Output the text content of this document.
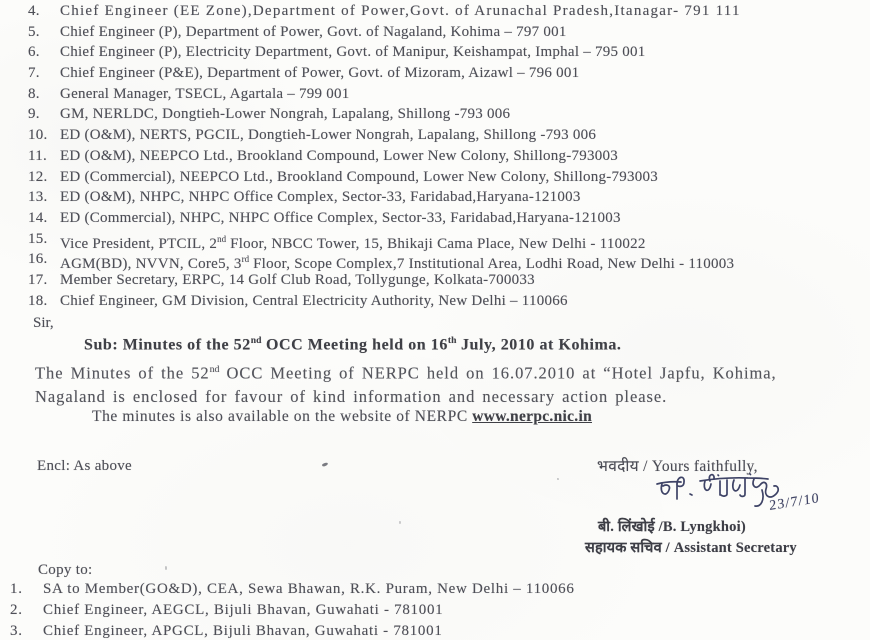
4. Chief Engineer (EE Zone),Department of Power,Govt. of Arunachal Pradesh,Itanagar- 791 111
5. Chief Engineer (P), Department of Power, Govt. of Nagaland, Kohima – 797 001
6. Chief Engineer (P), Electricity Department, Govt. of Manipur, Keishampat, Imphal – 795 001
7. Chief Engineer (P&E), Department of Power, Govt. of Mizoram, Aizawl – 796 001
8. General Manager, TSECL, Agartala – 799 001
9. GM, NERLDC, Dongtieh-Lower Nongrah, Lapalang, Shillong -793 006
10. ED (O&M), NERTS, PGCIL, Dongtieh-Lower Nongrah, Lapalang, Shillong -793 006
11. ED (O&M), NEEPCO Ltd., Brookland Compound, Lower New Colony, Shillong-793003
12. ED (Commercial), NEEPCO Ltd., Brookland Compound, Lower New Colony, Shillong-793003
13. ED (O&M), NHPC, NHPC Office Complex, Sector-33, Faridabad,Haryana-121003
14. ED (Commercial), NHPC, NHPC Office Complex, Sector-33, Faridabad,Haryana-121003
15. Vice President, PTCIL, 2nd Floor, NBCC Tower, 15, Bhikaji Cama Place, New Delhi - 110022
16. AGM(BD), NVVN, Core5, 3rd Floor, Scope Complex,7 Institutional Area, Lodhi Road, New Delhi - 110003
17. Member Secretary, ERPC, 14 Golf Club Road, Tollygunge, Kolkata-700033
18. Chief Engineer, GM Division, Central Electricity Authority, New Delhi – 110066
Sir,
Sub: Minutes of the 52nd OCC Meeting held on 16th July, 2010 at Kohima.
The Minutes of the 52nd OCC Meeting of NERPC held on 16.07.2010 at “Hotel Japfu, Kohima,
Nagaland is enclosed for favour of kind information and necessary action please.
The minutes is also available on the website of NERPC www.nerpc.nic.in
Encl: As above	भवदीय / Yours faithfully,
23/7/10
बी. लिंखोई /B. Lyngkhoi)
सहायक सचिव / Assistant Secretary
Copy to:
1. SA to Member(GO&D), CEA, Sewa Bhawan, R.K. Puram, New Delhi – 110066
2. Chief Engineer, AEGCL, Bijuli Bhavan, Guwahati - 781001
3. Chief Engineer, APGCL, Bijuli Bhavan, Guwahati - 781001
